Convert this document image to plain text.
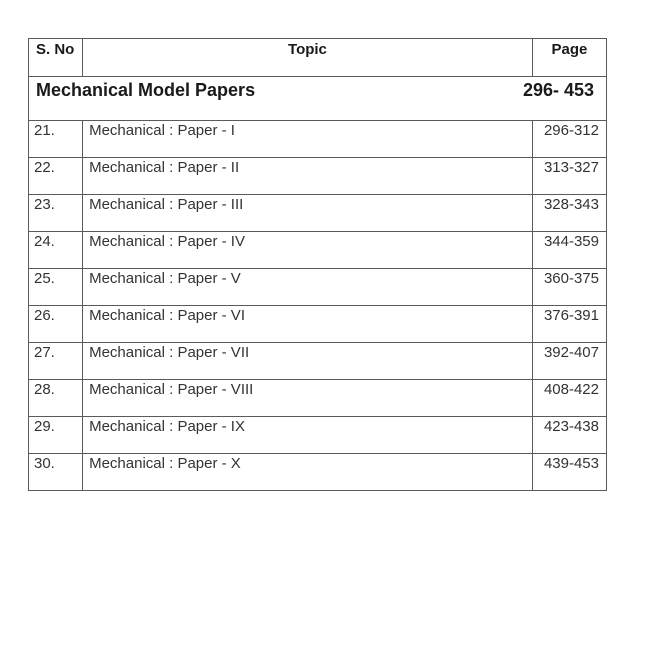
S. No	Topic	Page

Mechanical Model Papers 296- 453		

21.	Mechanical : Paper - I	296-312
22.	Mechanical : Paper - II	313-327
23.	Mechanical : Paper - III	328-343
24.	Mechanical : Paper - IV	344-359
25.	Mechanical : Paper - V	360-375
26.	Mechanical : Paper - VI	376-391
27.	Mechanical : Paper - VII	392-407
28.	Mechanical : Paper - VIII	408-422
29.	Mechanical : Paper - IX	423-438
30.	Mechanical : Paper - X	439-453
